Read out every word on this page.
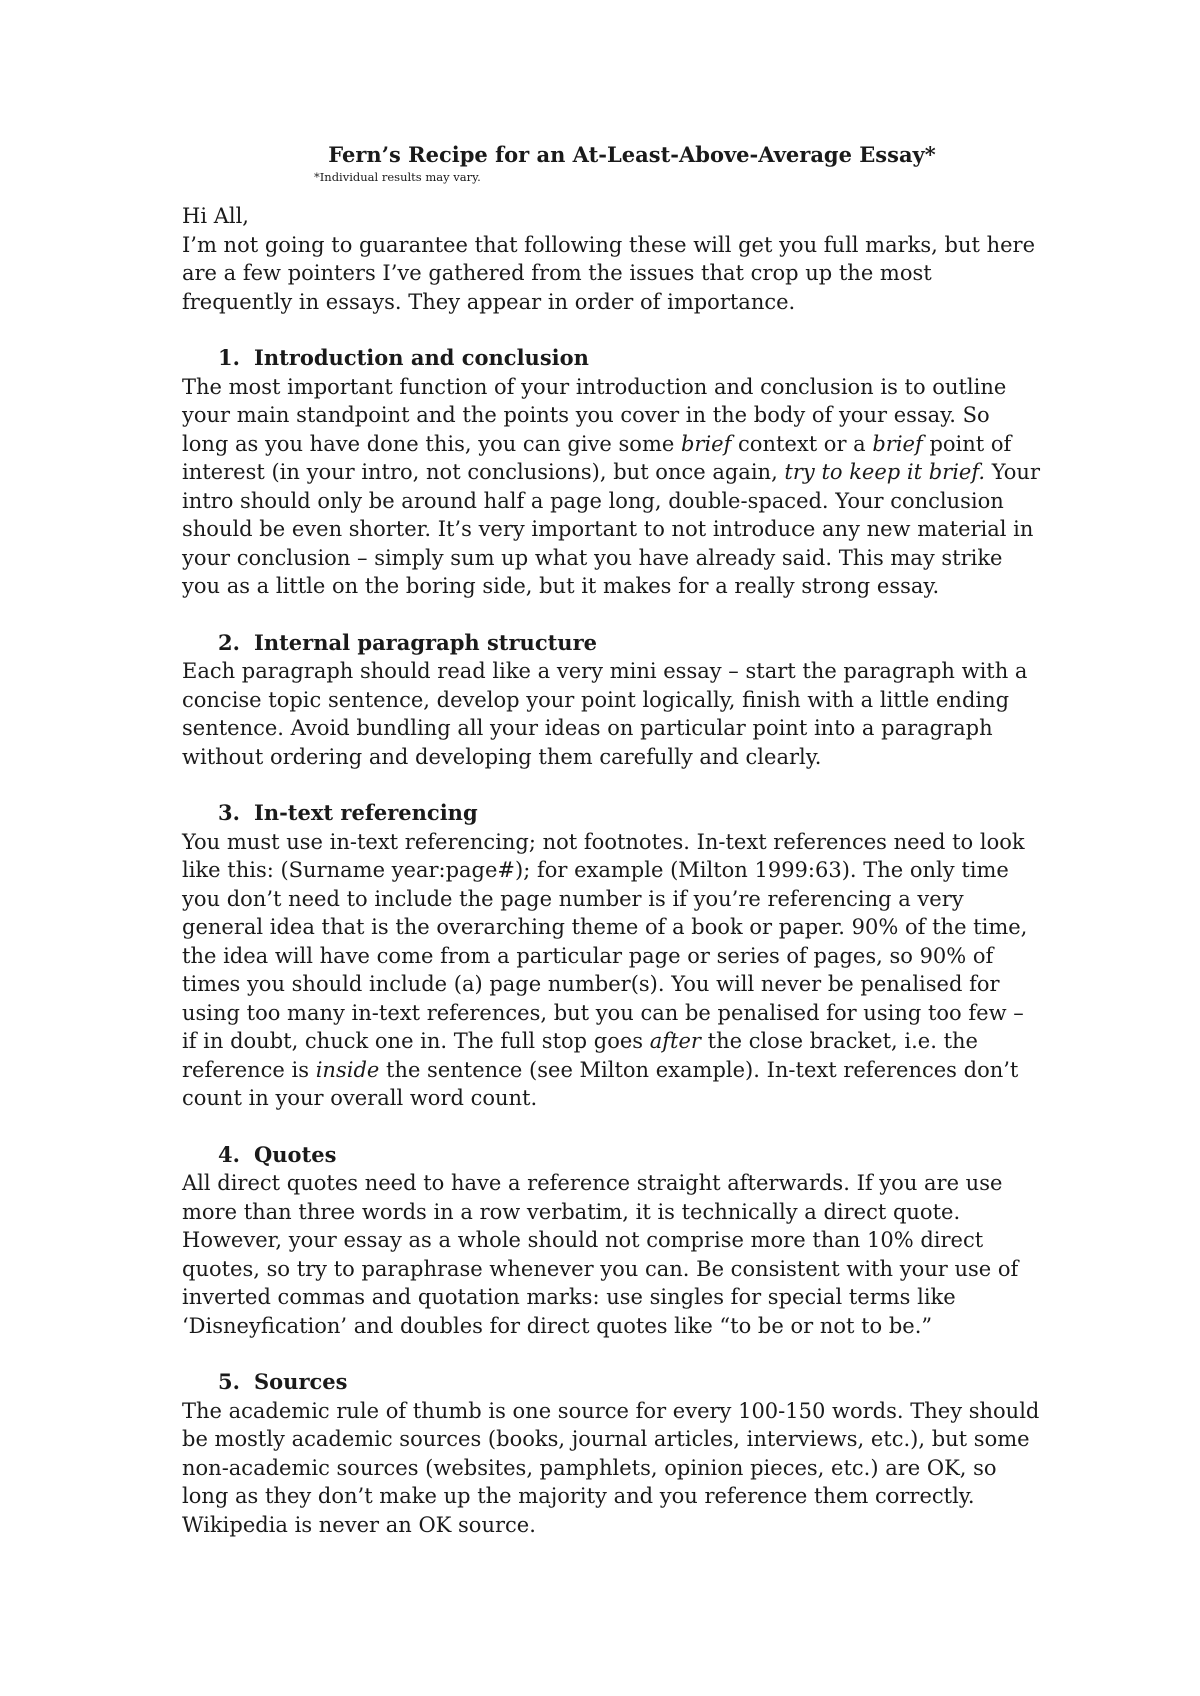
Fern’s Recipe for an At-Least-Above-Average Essay*

*Individual results may vary.

Hi All,

I’m not going to guarantee that following these will get you full marks, but here are a few pointers I’ve gathered from the issues that crop up the most frequently in essays. They appear in order of importance.

1. Introduction and conclusion

The most important function of your introduction and conclusion is to outline your main standpoint and the points you cover in the body of your essay. So long as you have done this, you can give some brief context or a brief point of interest (in your intro, not conclusions), but once again, try to keep it brief. Your intro should only be around half a page long, double-spaced. Your conclusion should be even shorter. It’s very important to not introduce any new material in your conclusion – simply sum up what you have already said. This may strike you as a little on the boring side, but it makes for a really strong essay.

2. Internal paragraph structure

Each paragraph should read like a very mini essay – start the paragraph with a concise topic sentence, develop your point logically, finish with a little ending sentence. Avoid bundling all your ideas on particular point into a paragraph without ordering and developing them carefully and clearly.

3. In-text referencing

You must use in-text referencing; not footnotes. In-text references need to look like this: (Surname year:page#); for example (Milton 1999:63). The only time you don’t need to include the page number is if you’re referencing a very general idea that is the overarching theme of a book or paper. 90% of the time, the idea will have come from a particular page or series of pages, so 90% of times you should include (a) page number(s). You will never be penalised for using too many in-text references, but you can be penalised for using too few – if in doubt, chuck one in. The full stop goes after the close bracket, i.e. the reference is inside the sentence (see Milton example). In-text references don’t count in your overall word count.

4. Quotes

All direct quotes need to have a reference straight afterwards. If you are use more than three words in a row verbatim, it is technically a direct quote. However, your essay as a whole should not comprise more than 10% direct quotes, so try to paraphrase whenever you can. Be consistent with your use of inverted commas and quotation marks: use singles for special terms like ‘Disneyfication’ and doubles for direct quotes like “to be or not to be.”

5. Sources

The academic rule of thumb is one source for every 100-150 words. They should be mostly academic sources (books, journal articles, interviews, etc.), but some non-academic sources (websites, pamphlets, opinion pieces, etc.) are OK, so long as they don’t make up the majority and you reference them correctly. Wikipedia is never an OK source.
